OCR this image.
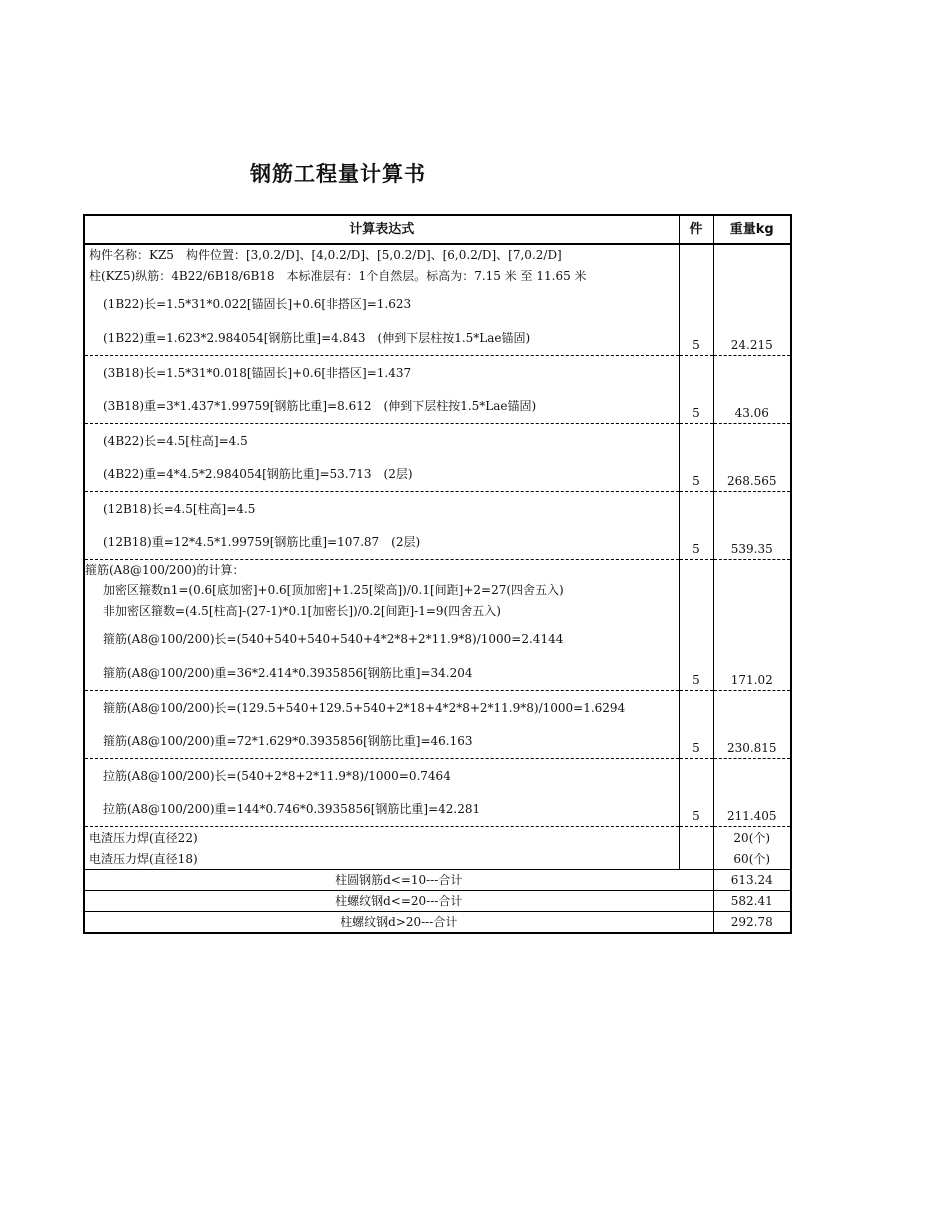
钢筋工程量计算书
计算表达式	件	重量kg

构件名称：KZ5　构件位置：[3,0.2/D]、[4,0.2/D]、[5,0.2/D]、[6,0.2/D]、[7,0.2/D]
柱(KZ5)纵筋：4B22/6B18/6B18　本标准层有：1个自然层。标高为：7.15 米 至 11.65 米
(1B22)长=1.5*31*0.022[锚固长]+0.6[非搭区]=1.623
(1B22)重=1.623*2.984054[钢筋比重]=4.843　(伸到下层柱按1.5*Lae锚固)	5	24.215

(3B18)长=1.5*31*0.018[锚固长]+0.6[非搭区]=1.437
(3B18)重=3*1.437*1.99759[钢筋比重]=8.612　(伸到下层柱按1.5*Lae锚固)	5	43.06

(4B22)长=4.5[柱高]=4.5
(4B22)重=4*4.5*2.984054[钢筋比重]=53.713　(2层)	5	268.565

(12B18)长=4.5[柱高]=4.5
(12B18)重=12*4.5*1.99759[钢筋比重]=107.87　(2层)	5	539.35

箍筋(A8@100/200)的计算：
加密区箍数n1=(0.6[底加密]+0.6[顶加密]+1.25[梁高])/0.1[间距]+2=27(四舍五入)
非加密区箍数=(4.5[柱高]-(27-1)*0.1[加密长])/0.2[间距]-1=9(四舍五入)
箍筋(A8@100/200)长=(540+540+540+540+4*2*8+2*11.9*8)/1000=2.4144
箍筋(A8@100/200)重=36*2.414*0.3935856[钢筋比重]=34.204	5	171.02

箍筋(A8@100/200)长=(129.5+540+129.5+540+2*18+4*2*8+2*11.9*8)/1000=1.6294
箍筋(A8@100/200)重=72*1.629*0.3935856[钢筋比重]=46.163	5	230.815

拉筋(A8@100/200)长=(540+2*8+2*11.9*8)/1000=0.7464
拉筋(A8@100/200)重=144*0.746*0.3935856[钢筋比重]=42.281	5	211.405

电渣压力焊(直径22)		20(个)

电渣压力焊(直径18)		60(个)
柱圆钢筋d<=10---合计		613.24
柱螺纹钢d<=20---合计		582.41
柱螺纹钢d>20---合计		292.78
